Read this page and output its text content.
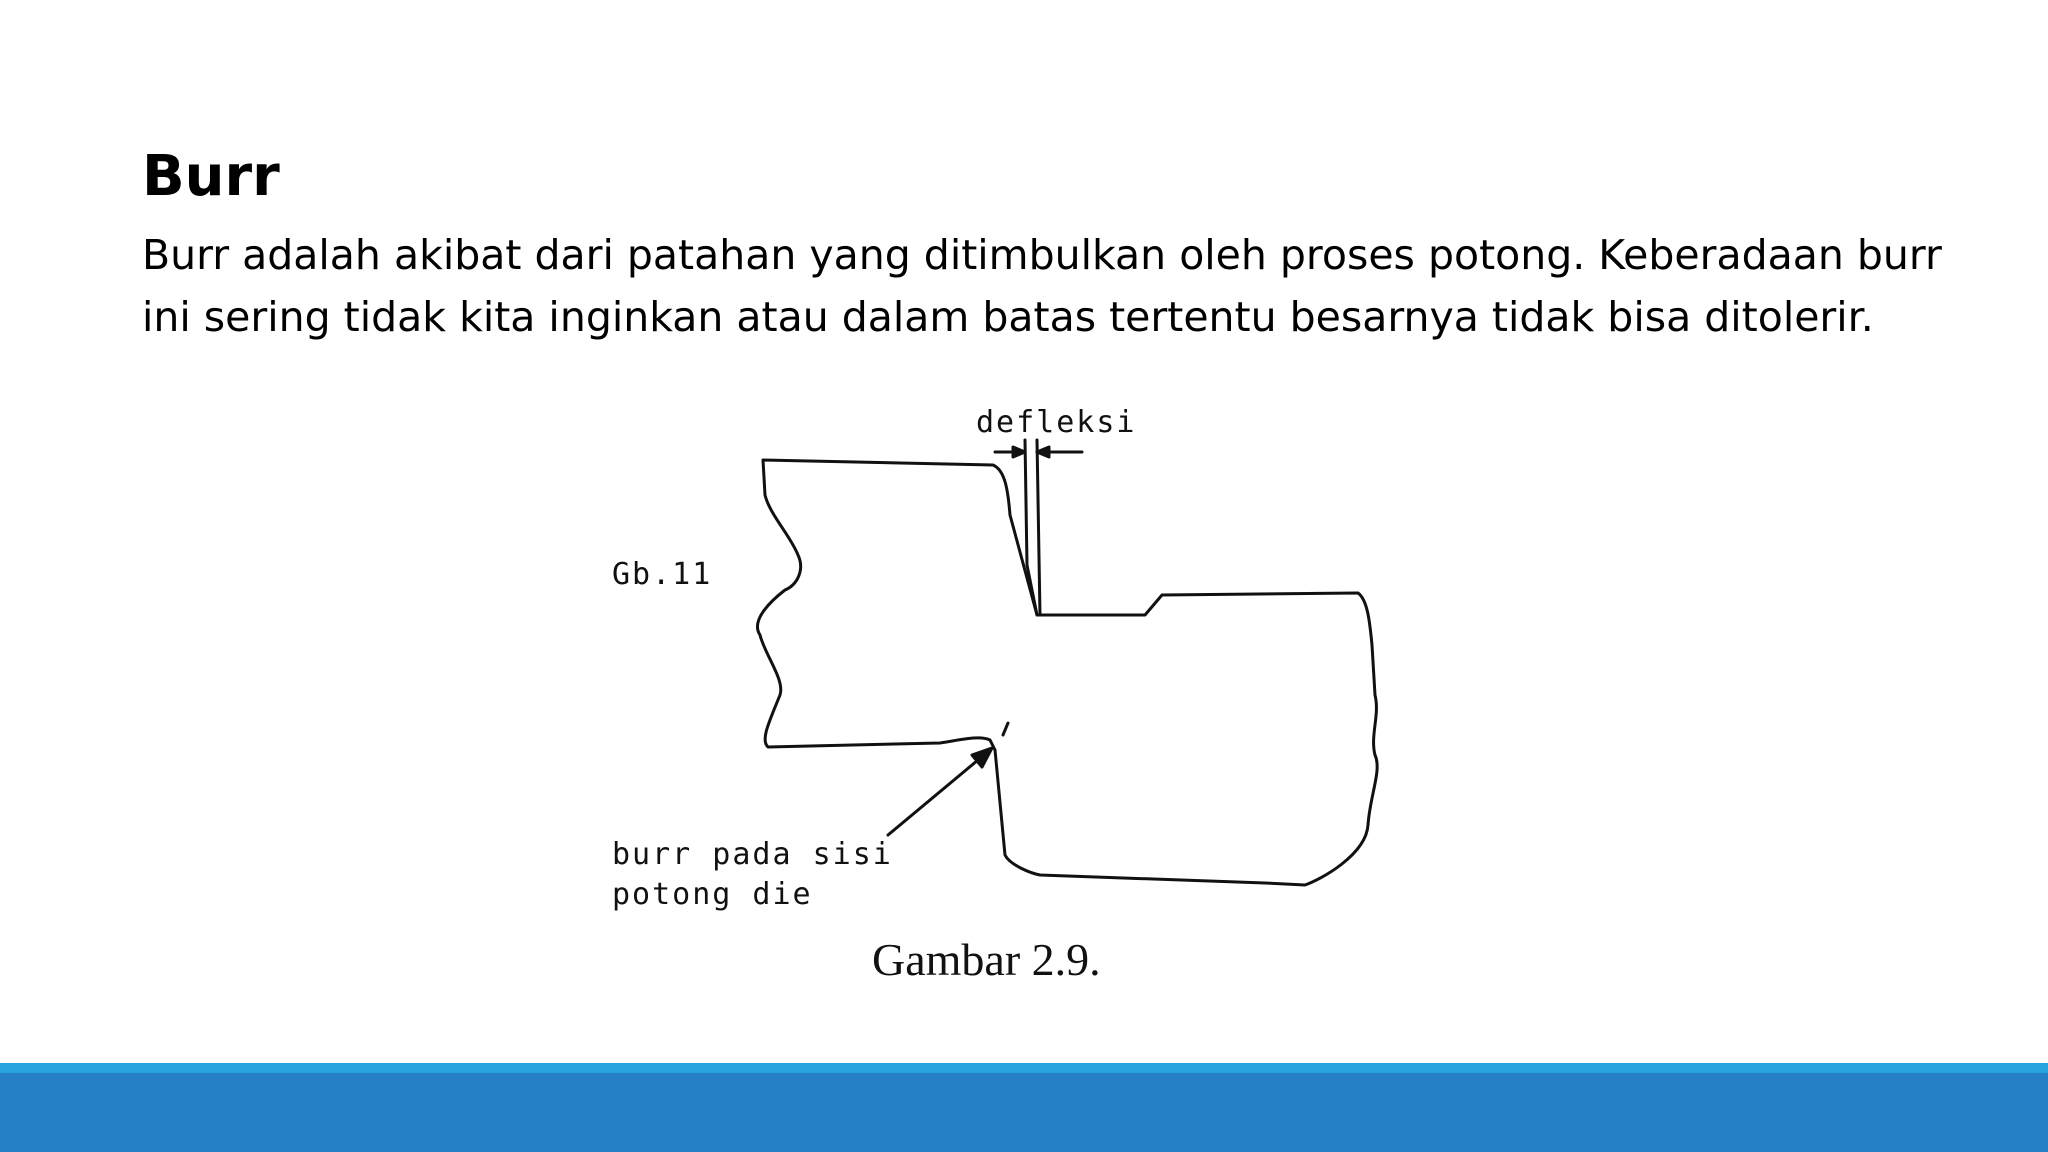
Burr

Burr adalah akibat dari patahan yang ditimbulkan oleh proses potong. Keberadaan burr ini sering tidak kita inginkan atau dalam batas tertentu besarnya tidak bisa ditolerir.

Gb.11
defleksi
burr pada sisi
potong die
Gambar 2.9.
